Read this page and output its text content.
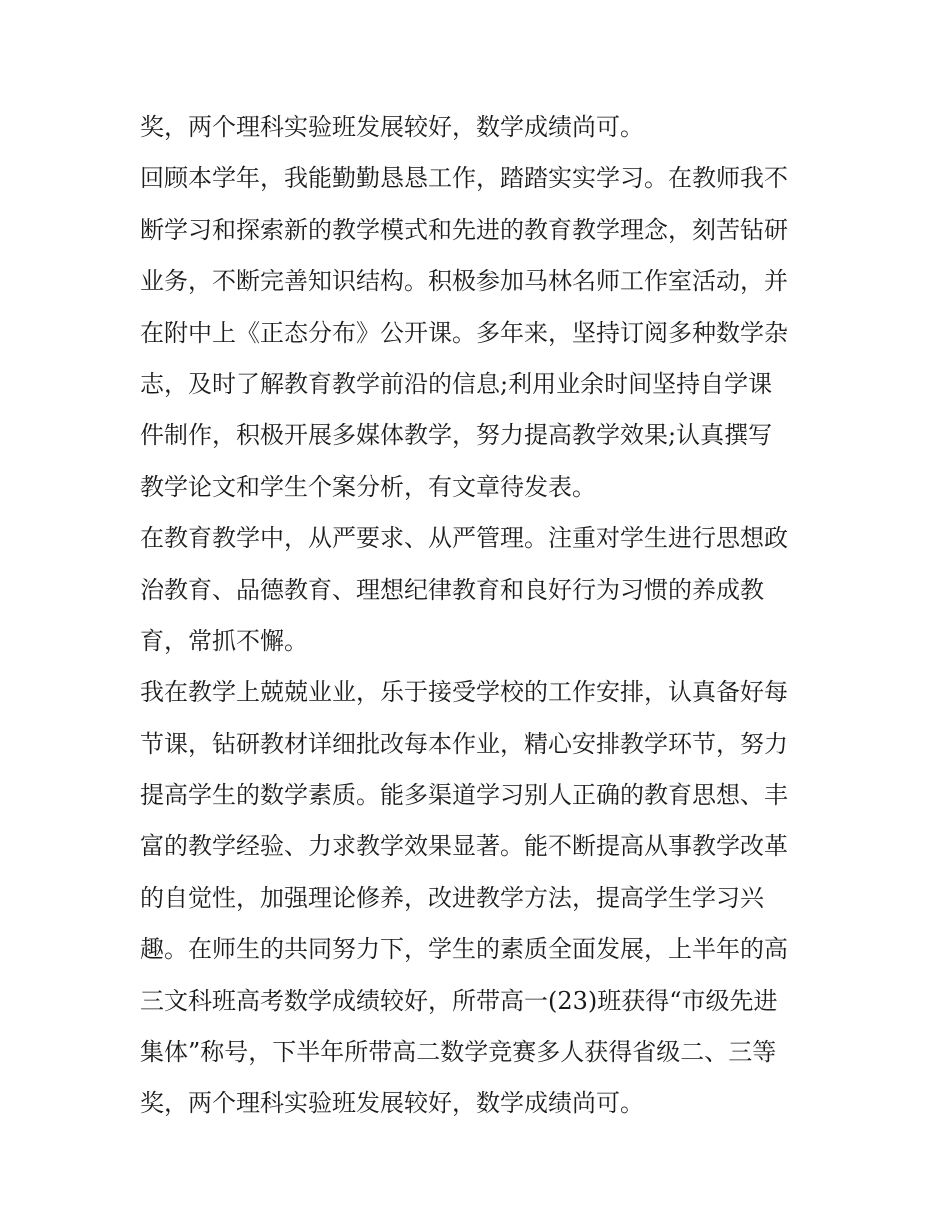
奖，两个理科实验班发展较好，数学成绩尚可。
回顾本学年，我能勤勤恳恳工作，踏踏实实学习。在教师我不
断学习和探索新的教学模式和先进的教育教学理念，刻苦钻研
业务，不断完善知识结构。积极参加马林名师工作室活动，并
在附中上《正态分布》公开课。多年来，坚持订阅多种数学杂
志，及时了解教育教学前沿的信息;利用业余时间坚持自学课
件制作，积极开展多媒体教学，努力提高教学效果;认真撰写
教学论文和学生个案分析，有文章待发表。
在教育教学中，从严要求、从严管理。注重对学生进行思想政
治教育、品德教育、理想纪律教育和良好行为习惯的养成教
育，常抓不懈。
我在教学上兢兢业业，乐于接受学校的工作安排，认真备好每
节课，钻研教材详细批改每本作业，精心安排教学环节，努力
提高学生的数学素质。能多渠道学习别人正确的教育思想、丰
富的教学经验、力求教学效果显著。能不断提高从事教学改革
的自觉性，加强理论修养，改进教学方法，提高学生学习兴
趣。在师生的共同努力下，学生的素质全面发展，上半年的高
三文科班高考数学成绩较好，所带高一(23)班获得“市级先进
集体”称号，下半年所带高二数学竞赛多人获得省级二、三等
奖，两个理科实验班发展较好，数学成绩尚可。
